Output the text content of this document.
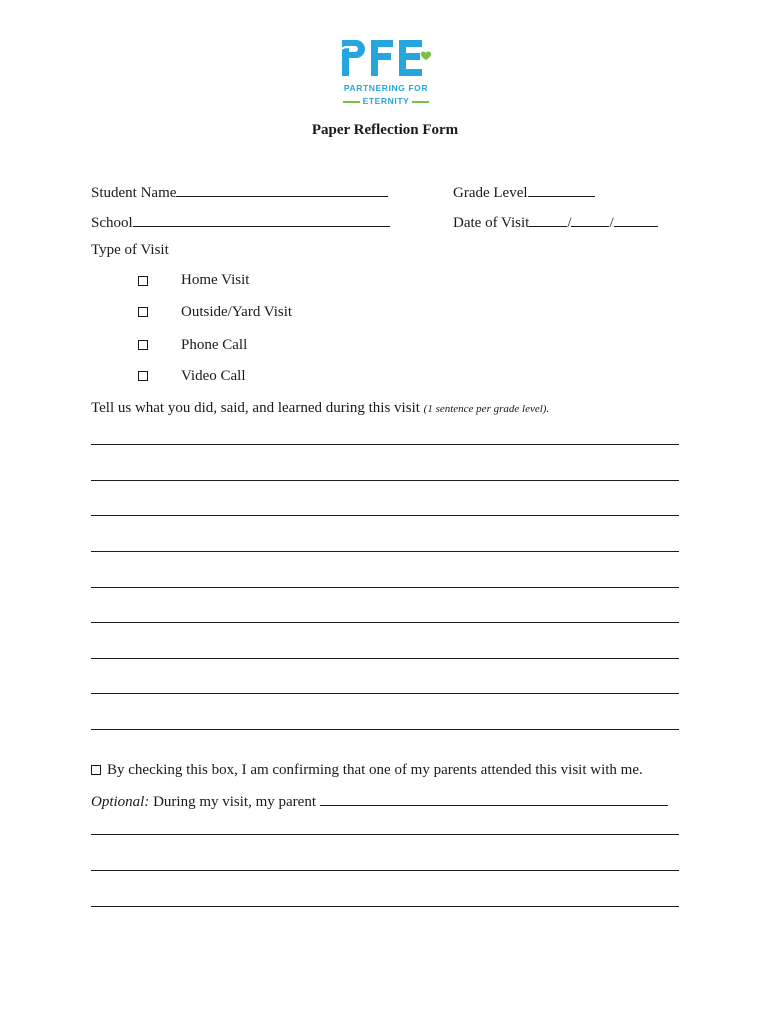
PARTNERING FOR
ETERNITY
Paper Reflection Form
Student Name	Grade Level
School	Date of Visit	/	/
Type of Visit
Home Visit
Outside/Yard Visit
Phone Call
Video Call
Tell us what you did, said, and learned during this visit (1 sentence per grade level).
By checking this box, I am confirming that one of my parents attended this visit with me.
Optional: During my visit, my parent
